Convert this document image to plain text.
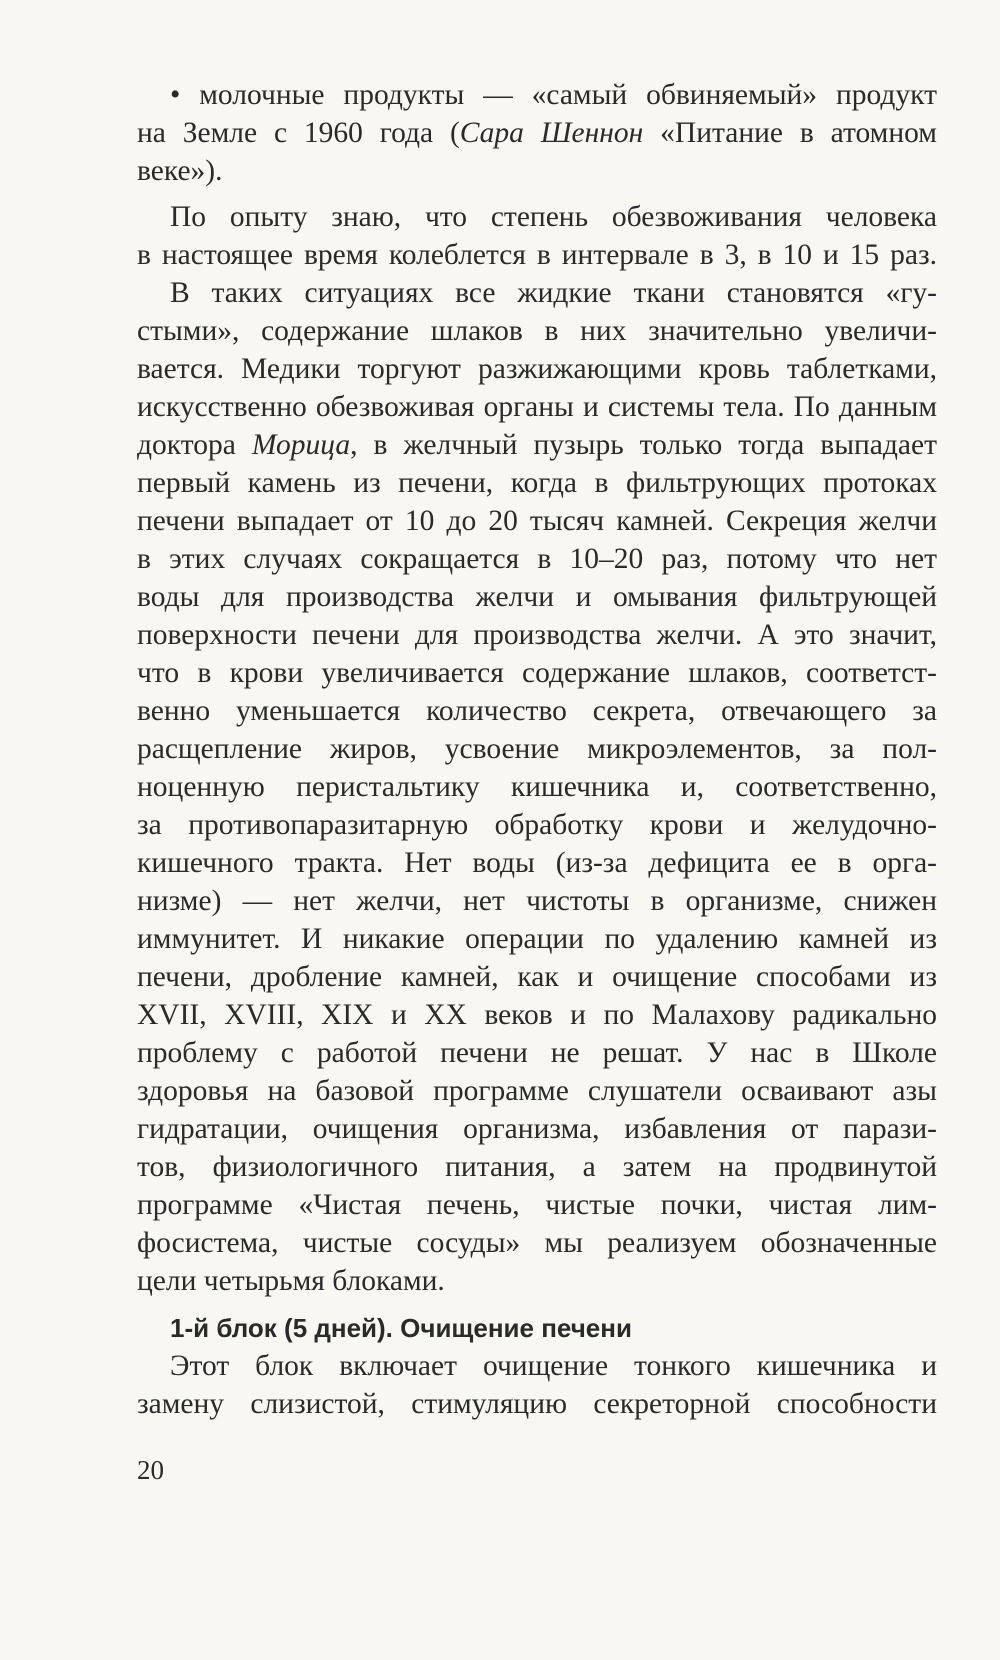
• молочные продукты — «самый обвиняемый» продукт
на Земле с 1960 года (Сара Шеннон «Питание в атомном
веке»).
По опыту знаю, что степень обезвоживания человека
в настоящее время колеблется в интервале в 3, в 10 и 15 раз.
В таких ситуациях все жидкие ткани становятся «гу-
стыми», содержание шлаков в них значительно увеличи-
вается. Медики торгуют разжижающими кровь таблетками,
искусственно обезвоживая органы и системы тела. По данным
доктора Морица, в желчный пузырь только тогда выпадает
первый камень из печени, когда в фильтрующих протоках
печени выпадает от 10 до 20 тысяч камней. Секреция желчи
в этих случаях сокращается в 10–20 раз, потому что нет
воды для производства желчи и омывания фильтрующей
поверхности печени для производства желчи. А это значит,
что в крови увеличивается содержание шлаков, соответст-
венно уменьшается количество секрета, отвечающего за
расщепление жиров, усвоение микроэлементов, за пол-
ноценную перистальтику кишечника и, соответственно,
за противопаразитарную обработку крови и желудочно-
кишечного тракта. Нет воды (из-за дефицита ее в орга-
низме) — нет желчи, нет чистоты в организме, снижен
иммунитет. И никакие операции по удалению камней из
печени, дробление камней, как и очищение способами из
XVII, XVIII, XIX и XX веков и по Малахову радикально
проблему с работой печени не решат. У нас в Школе
здоровья на базовой программе слушатели осваивают азы
гидратации, очищения организма, избавления от парази-
тов, физиологичного питания, а затем на продвинутой
программе «Чистая печень, чистые почки, чистая лим-
фосистема, чистые сосуды» мы реализуем обозначенные
цели четырьмя блоками.
1-й блок (5 дней). Очищение печени
Этот блок включает очищение тонкого кишечника и
замену слизистой, стимуляцию секреторной способности
20
